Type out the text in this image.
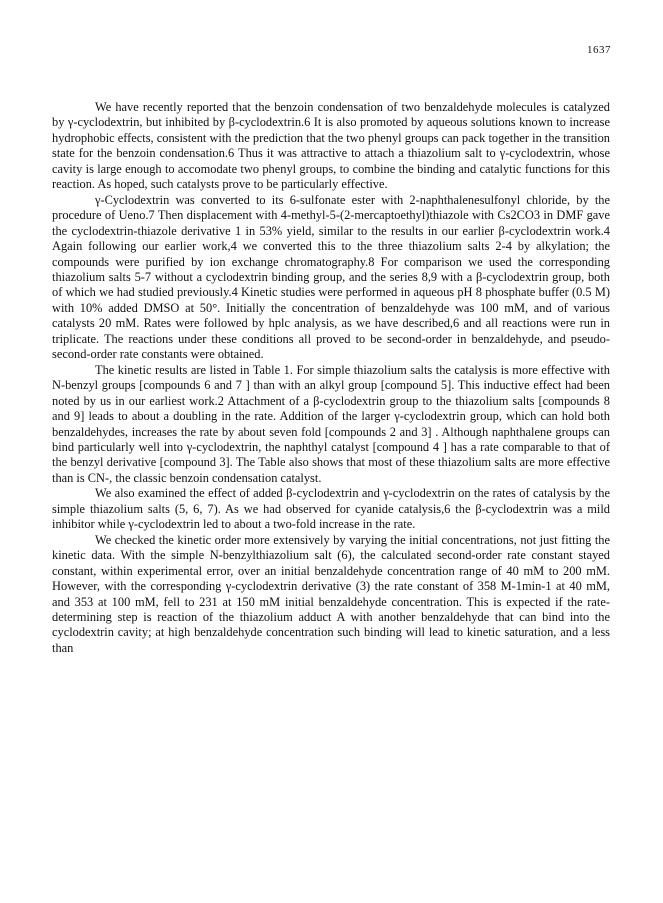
1637

We have recently reported that the benzoin condensation of two benzaldehyde molecules is catalyzed by γ-cyclodextrin, but inhibited by β-cyclodextrin.6 It is also promoted by aqueous solutions known to increase hydrophobic effects, consistent with the prediction that the two phenyl groups can pack together in the transition state for the benzoin condensation.6 Thus it was attractive to attach a thiazolium salt to γ-cyclodextrin, whose cavity is large enough to accomodate two phenyl groups, to combine the binding and catalytic functions for this reaction. As hoped, such catalysts prove to be particularly effective.

γ-Cyclodextrin was converted to its 6-sulfonate ester with 2-naphthalenesulfonyl chloride, by the procedure of Ueno.7 Then displacement with 4-methyl-5-(2-mercaptoethyl)thiazole with Cs2CO3 in DMF gave the cyclodextrin-thiazole derivative 1 in 53% yield, similar to the results in our earlier β-cyclodextrin work.4 Again following our earlier work,4 we converted this to the three thiazolium salts 2-4 by alkylation; the compounds were purified by ion exchange chromatography.8 For comparison we used the corresponding thiazolium salts 5-7 without a cyclodextrin binding group, and the series 8,9 with a β-cyclodextrin group, both of which we had studied previously.4 Kinetic studies were performed in aqueous pH 8 phosphate buffer (0.5 M) with 10% added DMSO at 50°. Initially the concentration of benzaldehyde was 100 mM, and of various catalysts 20 mM. Rates were followed by hplc analysis, as we have described,6 and all reactions were run in triplicate. The reactions under these conditions all proved to be second-order in benzaldehyde, and pseudo-second-order rate constants were obtained.

The kinetic results are listed in Table 1. For simple thiazolium salts the catalysis is more effective with N-benzyl groups [compounds 6 and 7 ] than with an alkyl group [compound 5]. This inductive effect had been noted by us in our earliest work.2 Attachment of a β-cyclodextrin group to the thiazolium salts [compounds 8 and 9] leads to about a doubling in the rate. Addition of the larger γ-cyclodextrin group, which can hold both benzaldehydes, increases the rate by about seven fold [compounds 2 and 3] . Although naphthalene groups can bind particularly well into γ-cyclodextrin, the naphthyl catalyst [compound 4 ] has a rate comparable to that of the benzyl derivative [compound 3]. The Table also shows that most of these thiazolium salts are more effective than is CN-, the classic benzoin condensation catalyst.

We also examined the effect of added β-cyclodextrin and γ-cyclodextrin on the rates of catalysis by the simple thiazolium salts (5, 6, 7). As we had observed for cyanide catalysis,6 the β-cyclodextrin was a mild inhibitor while γ-cyclodextrin led to about a two-fold increase in the rate.

We checked the kinetic order more extensively by varying the initial concentrations, not just fitting the kinetic data. With the simple N-benzylthiazolium salt (6), the calculated second-order rate constant stayed constant, within experimental error, over an initial benzaldehyde concentration range of 40 mM to 200 mM. However, with the corresponding γ-cyclodextrin derivative (3) the rate constant of 358 M-1min-1 at 40 mM, and 353 at 100 mM, fell to 231 at 150 mM initial benzaldehyde concentration. This is expected if the rate-determining step is reaction of the thiazolium adduct A with another benzaldehyde that can bind into the cyclodextrin cavity; at high benzaldehyde concentration such binding will lead to kinetic saturation, and a less than
